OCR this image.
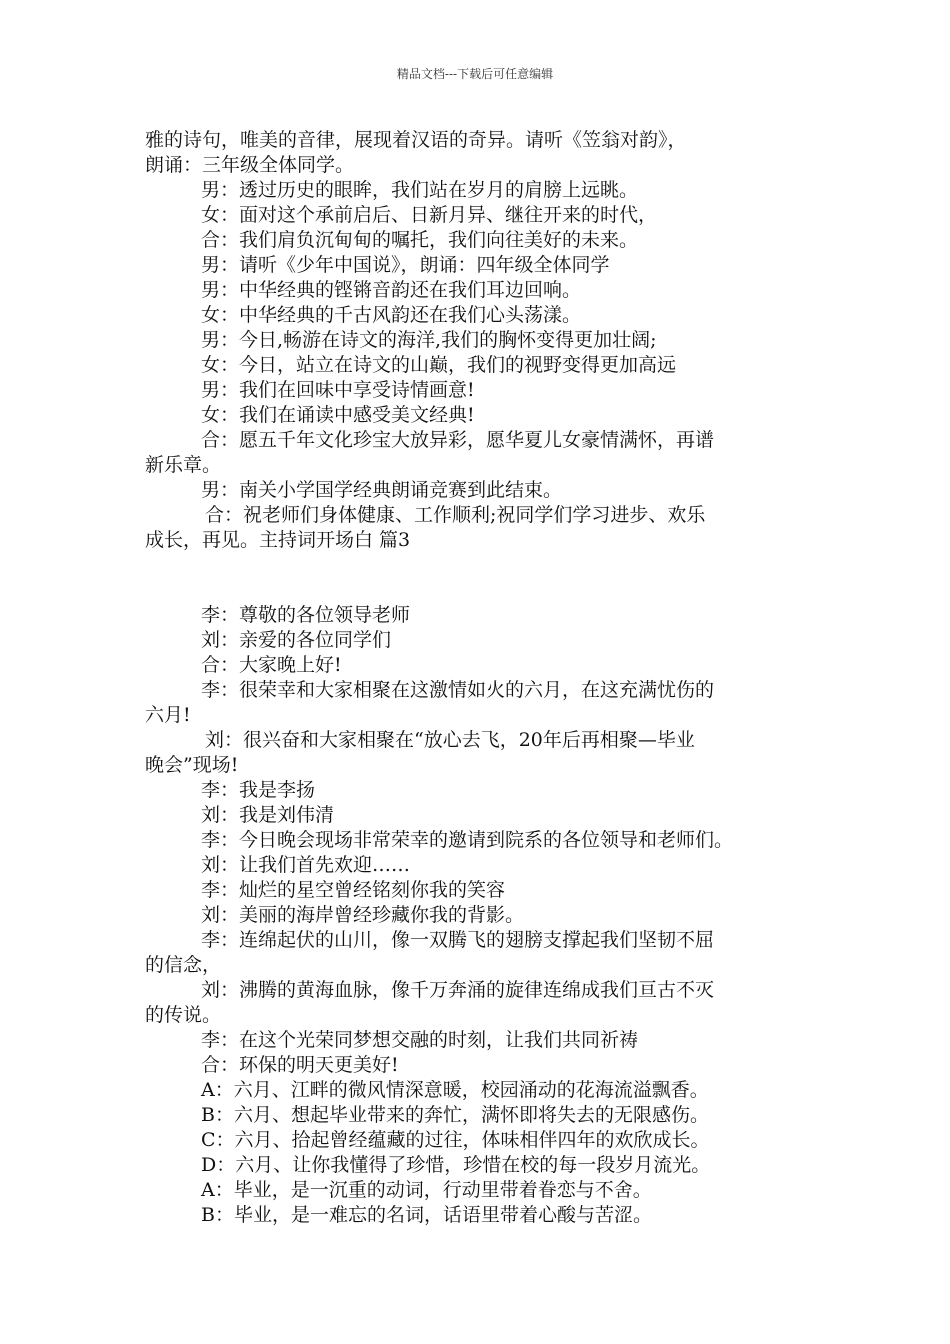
精品文档---下载后可任意编辑

雅的诗句，唯美的音律，展现着汉语的奇异。请听《笠翁对韵》，

朗诵：三年级全体同学。

男：透过历史的眼眸，我们站在岁月的肩膀上远眺。

女：面对这个承前启后、日新月异、继往开来的时代，

合：我们肩负沉甸甸的嘱托，我们向往美好的未来。

男：请听《少年中国说》，朗诵：四年级全体同学

男：中华经典的铿锵音韵还在我们耳边回响。

女：中华经典的千古风韵还在我们心头荡漾。

男：今日,畅游在诗文的海洋,我们的胸怀变得更加壮阔;

女：今日，站立在诗文的山巅，我们的视野变得更加高远

男：我们在回味中享受诗情画意!

女：我们在诵读中感受美文经典!

合：愿五千年文化珍宝大放异彩，愿华夏儿女豪情满怀，再谱

新乐章。

男：南关小学国学经典朗诵竞赛到此结束。

合：祝老师们身体健康、工作顺利;祝同学们学习进步、欢乐

成长，再见。主持词开场白 篇3

李：尊敬的各位领导老师

刘：亲爱的各位同学们

合：大家晚上好!

李：很荣幸和大家相聚在这激情如火的六月，在这充满忧伤的

六月!

刘：很兴奋和大家相聚在“放心去飞，20年后再相聚—毕业

晚会”现场!

李：我是李扬

刘：我是刘伟清

李：今日晚会现场非常荣幸的邀请到院系的各位领导和老师们。

刘：让我们首先欢迎……

李：灿烂的星空曾经铭刻你我的笑容

刘：美丽的海岸曾经珍藏你我的背影。

李：连绵起伏的山川，像一双腾飞的翅膀支撑起我们坚韧不屈

的信念，

刘：沸腾的黄海血脉，像千万奔涌的旋律连绵成我们亘古不灭

的传说。

李：在这个光荣同梦想交融的时刻，让我们共同祈祷

合：环保的明天更美好!

A：六月、江畔的微风情深意暖，校园涌动的花海流溢飘香。

B：六月、想起毕业带来的奔忙，满怀即将失去的无限感伤。

C：六月、拾起曾经蕴藏的过往，体味相伴四年的欢欣成长。

D：六月、让你我懂得了珍惜，珍惜在校的每一段岁月流光。

A：毕业，是一沉重的动词，行动里带着眷恋与不舍。

B：毕业，是一难忘的名词，话语里带着心酸与苦涩。
